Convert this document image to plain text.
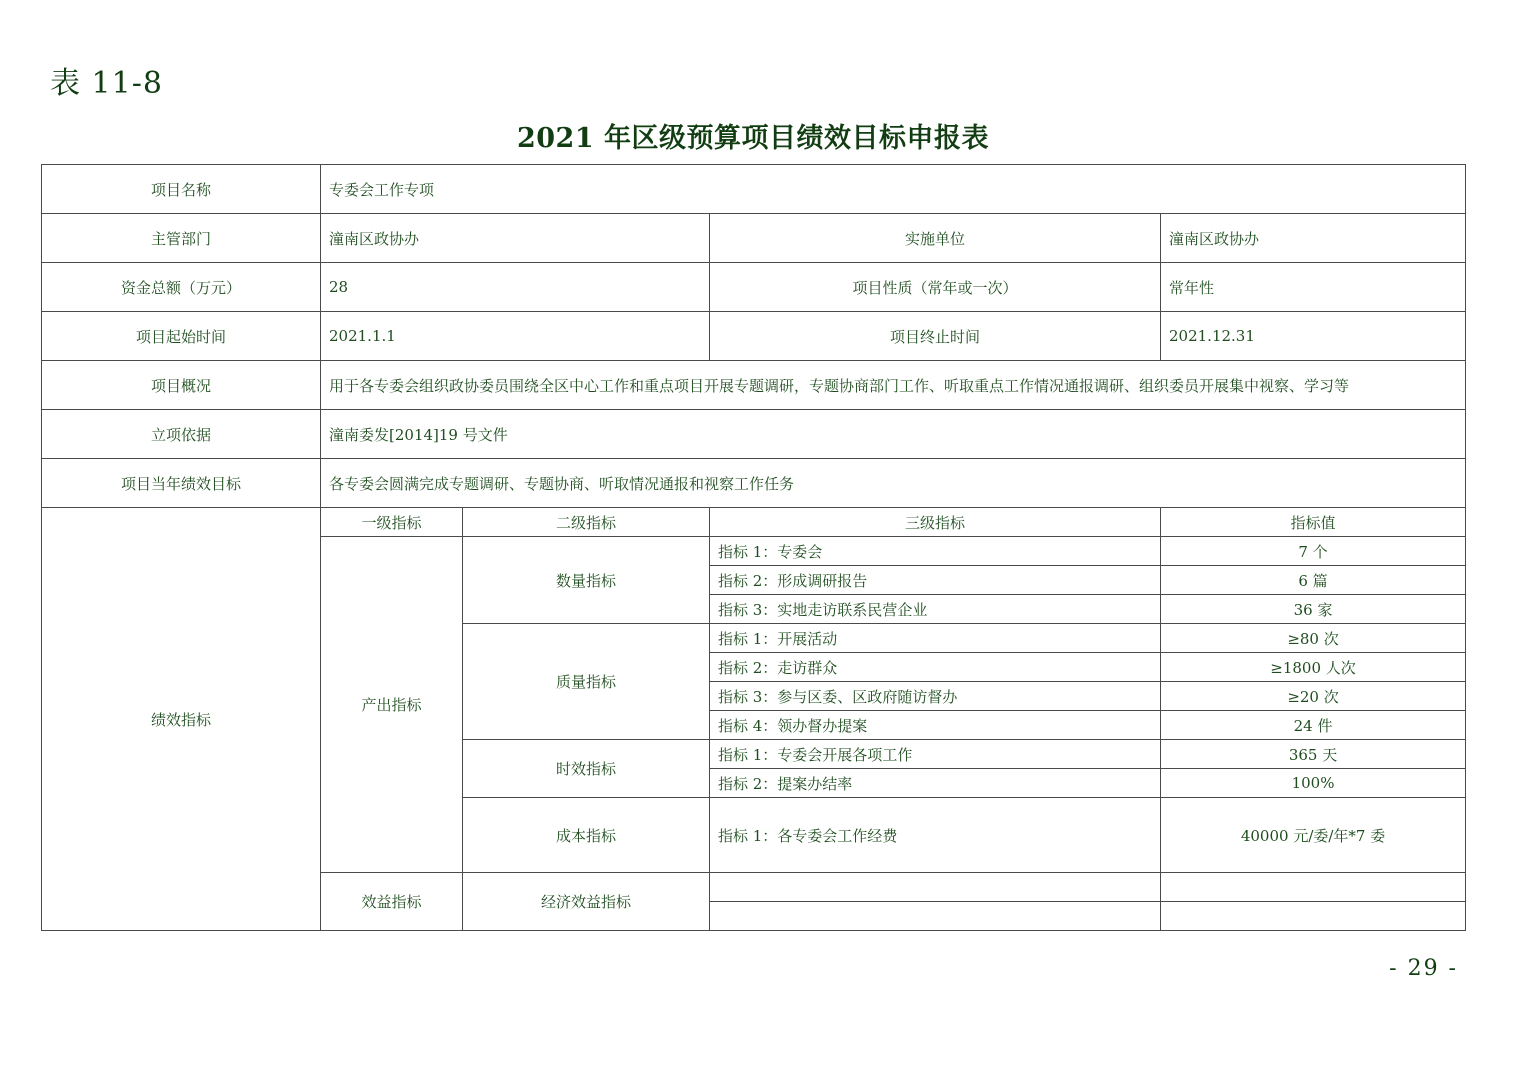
表 11-8
2021 年区级预算项目绩效目标申报表
项目名称	专委会工作专项			
主管部门	潼南区政协办		实施单位	潼南区政协办
资金总额（万元）	28		项目性质（常年或一次）	常年性
项目起始时间	2021.1.1		项目终止时间	2021.12.31
项目概况	用于各专委会组织政协委员围绕全区中心工作和重点项目开展专题调研，专题协商部门工作、听取重点工作情况通报调研、组织委员开展集中视察、学习等			
立项依据	潼南委发[2014]19 号文件			
项目当年绩效目标	各专委会圆满完成专题调研、专题协商、听取情况通报和视察工作任务			
绩效指标	一级指标	二级指标	三级指标	指标值
	产出指标	数量指标	指标 1：专委会	7 个
			指标 2：形成调研报告	6 篇
			指标 3：实地走访联系民营企业	36 家
		质量指标	指标 1：开展活动	≥80 次
			指标 2：走访群众	≥1800 人次
			指标 3：参与区委、区政府随访督办	≥20 次
			指标 4：领办督办提案	24 件
		时效指标	指标 1：专委会开展各项工作	365 天
			指标 2：提案办结率	100%
		成本指标	指标 1：各专委会工作经费	40000 元/委/年*7 委
	效益指标	经济效益指标		

- 29 -
